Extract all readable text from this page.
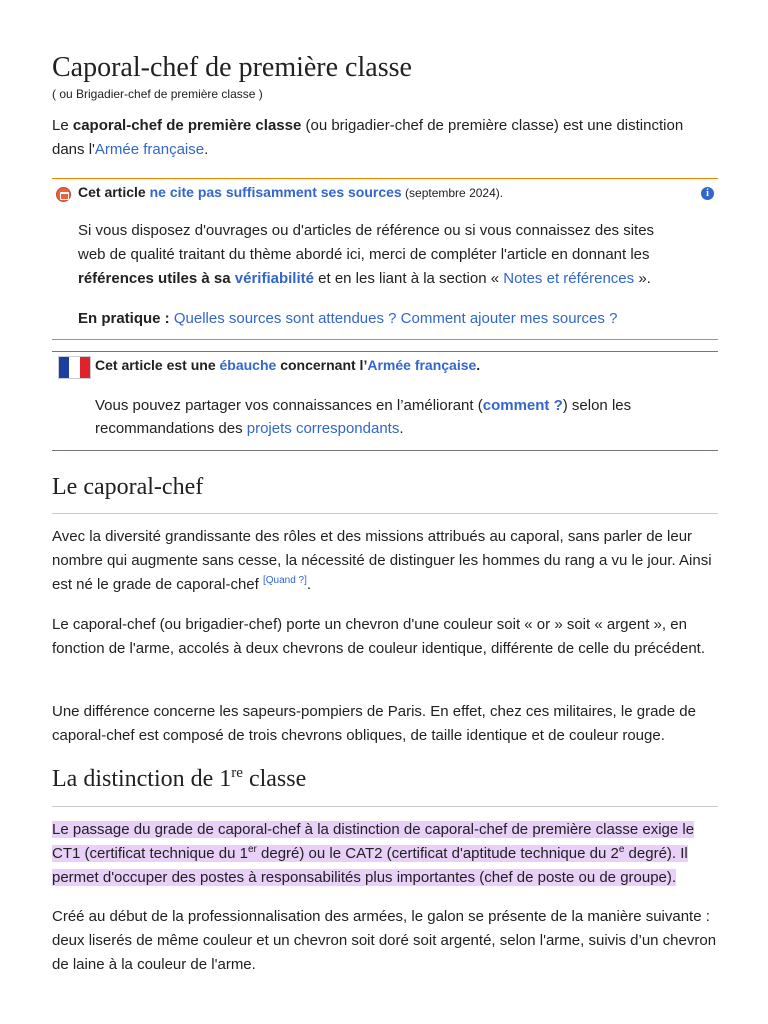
Caporal-chef de première classe
( ou Brigadier-chef de première classe )
Le caporal-chef de première classe (ou brigadier-chef de première classe) est une distinction dans l'Armée française.
Cet article ne cite pas suffisamment ses sources (septembre 2024).	i
Si vous disposez d'ouvrages ou d'articles de référence ou si vous connaissez des sites web de qualité traitant du thème abordé ici, merci de compléter l'article en donnant les références utiles à sa vérifiabilité et en les liant à la section « Notes et références ».
En pratique : Quelles sources sont attendues ? Comment ajouter mes sources ?
Cet article est une ébauche concernant l’Armée française.
Vous pouvez partager vos connaissances en l’améliorant (comment ?) selon les recommandations des projets correspondants.
Le caporal-chef

Avec la diversité grandissante des rôles et des missions attribués au caporal, sans parler de leur nombre qui augmente sans cesse, la nécessité de distinguer les hommes du rang a vu le jour. Ainsi est né le grade de caporal-chef [Quand ?].

Le caporal-chef (ou brigadier-chef) porte un chevron d'une couleur soit « or » soit « argent », en fonction de l'arme, accolés à deux chevrons de couleur identique, différente de celle du précédent.

Une différence concerne les sapeurs-pompiers de Paris. En effet, chez ces militaires, le grade de caporal-chef est composé de trois chevrons obliques, de taille identique et de couleur rouge.

La distinction de 1re classe

Le passage du grade de caporal-chef à la distinction de caporal-chef de première classe exige le CT1 (certificat technique du 1er degré) ou le CAT2 (certificat d'aptitude technique du 2e degré). Il permet d'occuper des postes à responsabilités plus importantes (chef de poste ou de groupe).

Créé au début de la professionnalisation des armées, le galon se présente de la manière suivante : deux liserés de même couleur et un chevron soit doré soit argenté, selon l'arme, suivis d’un chevron de laine à la couleur de l'arme.
